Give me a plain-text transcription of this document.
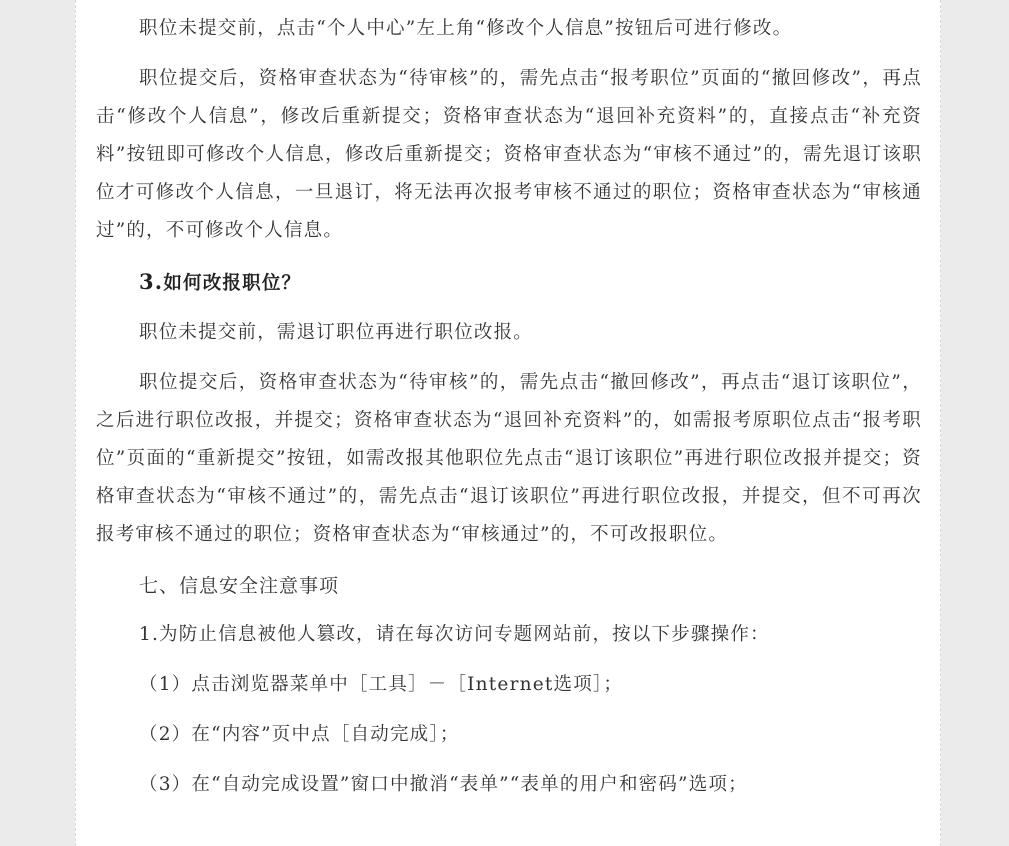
职位未提交前，点击“个人中心”左上角“修改个人信息”按钮后可进行修改。

职位提交后，资格审查状态为“待审核”的，需先点击“报考职位”页面的“撤回修改”，再点击“修改个人信息”，修改后重新提交；资格审查状态为“退回补充资料”的，直接点击“补充资料”按钮即可修改个人信息，修改后重新提交；资格审查状态为“审核不通过”的，需先退订该职位才可修改个人信息，一旦退订，将无法再次报考审核不通过的职位；资格审查状态为“审核通过”的，不可修改个人信息。

3.如何改报职位？

职位未提交前，需退订职位再进行职位改报。

职位提交后，资格审查状态为“待审核”的，需先点击“撤回修改”，再点击“退订该职位”，之后进行职位改报，并提交；资格审查状态为“退回补充资料”的，如需报考原职位点击“报考职位”页面的“重新提交”按钮，如需改报其他职位先点击“退订该职位”再进行职位改报并提交；资格审查状态为“审核不通过”的，需先点击“退订该职位”再进行职位改报，并提交，但不可再次报考审核不通过的职位；资格审查状态为“审核通过”的，不可改报职位。

七、信息安全注意事项

1.为防止信息被他人篡改，请在每次访问专题网站前，按以下步骤操作：

（1）点击浏览器菜单中［工具］－［Internet选项］；

（2）在“内容”页中点［自动完成］；

（3）在“自动完成设置”窗口中撤消“表单”“表单的用户和密码”选项；
